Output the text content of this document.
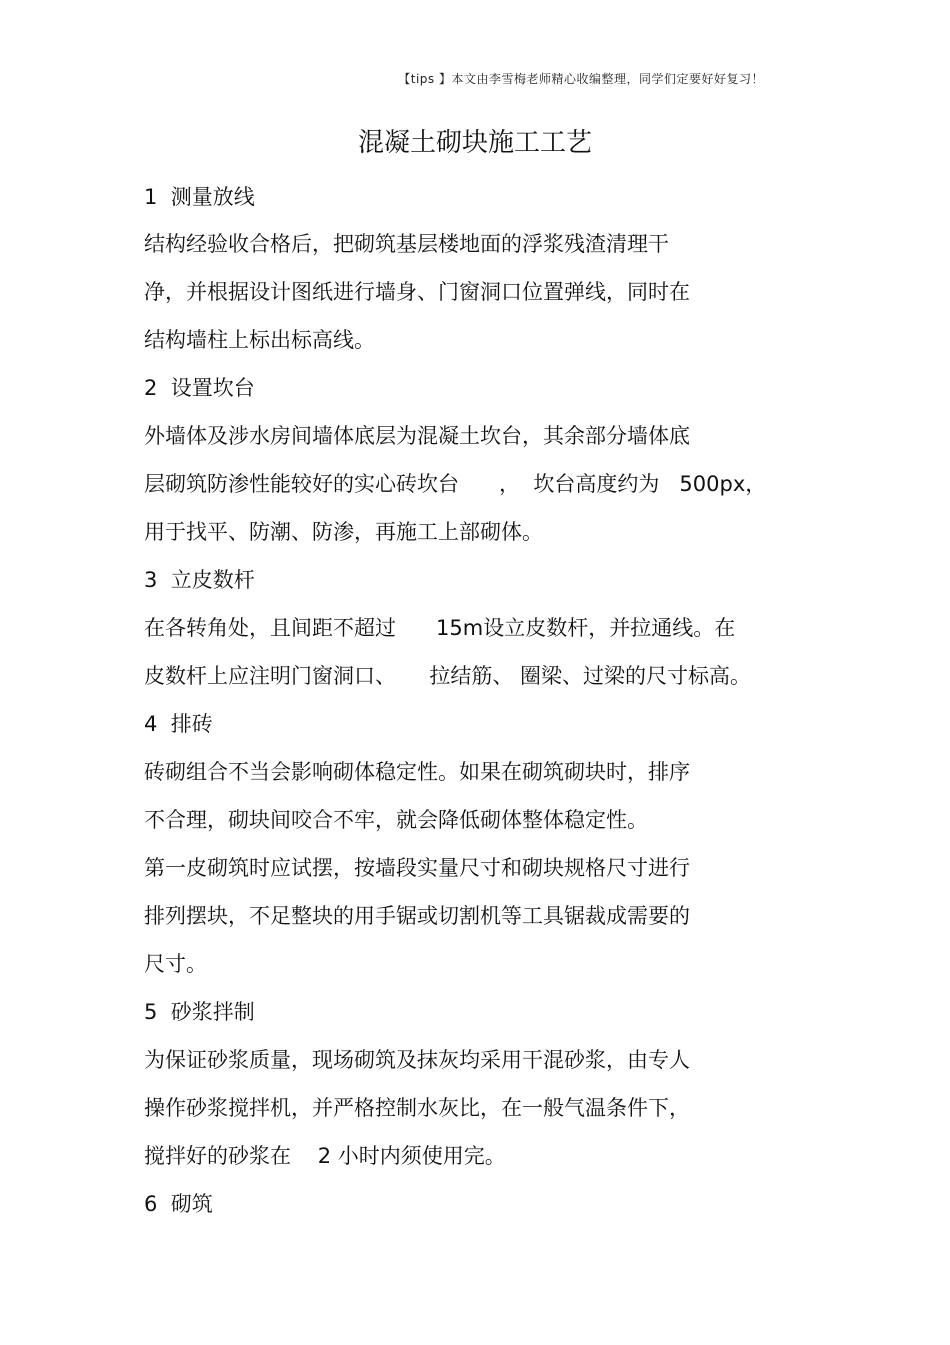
【tips 】本文由李雪梅老师精心收编整理，同学们定要好好复习！
混凝土砌块施工工艺
1  测量放线
结构经验收合格后，把砌筑基层楼地面的浮浆残渣清理干
净，并根据设计图纸进行墙身、门窗洞口位置弹线，同时在
结构墙柱上标出标高线。
2  设置坎台
外墙体及涉水房间墙体底层为混凝土坎台，其余部分墙体底
层砌筑防渗性能较好的实心砖坎台      ，  坎台高度约为   500px，
用于找平、防潮、防渗，再施工上部砌体。
3  立皮数杆
在各转角处，且间距不超过      15m设立皮数杆，并拉通线。在
皮数杆上应注明门窗洞口、     拉结筋、 圈梁、过梁的尺寸标高。
4  排砖
砖砌组合不当会影响砌体稳定性。如果在砌筑砌块时，排序
不合理，砌块间咬合不牢，就会降低砌体整体稳定性。
第一皮砌筑时应试摆，按墙段实量尺寸和砌块规格尺寸进行
排列摆块，不足整块的用手锯或切割机等工具锯裁成需要的
尺寸。
5  砂浆拌制
为保证砂浆质量，现场砌筑及抹灰均采用干混砂浆，由专人
操作砂浆搅拌机，并严格控制水灰比，在一般气温条件下，
搅拌好的砂浆在    2 小时内须使用完。
6  砌筑
